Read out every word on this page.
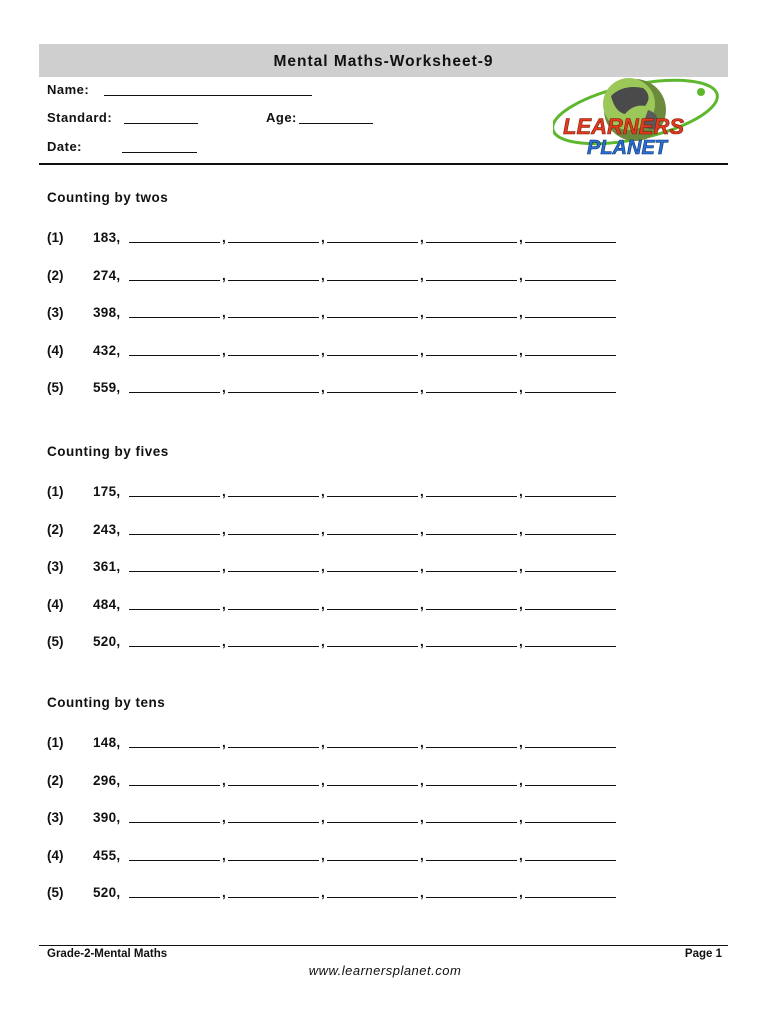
Mental Maths-Worksheet-9
Name:
Standard:	Age:
Date:
LEARNERS
PLANET
Counting by twos
(1) 183,	,	,	,	,
(2) 274,	,	,	,	,
(3) 398,	,	,	,	,
(4) 432,	,	,	,	,
(5) 559,	,	,	,	,
Counting by fives
(1) 175,	,	,	,	,
(2) 243,	,	,	,	,
(3) 361,	,	,	,	,
(4) 484,	,	,	,	,
(5) 520,	,	,	,	,
Counting by tens
(1) 148,	,	,	,	,
(2) 296,	,	,	,	,
(3) 390,	,	,	,	,
(4) 455,	,	,	,	,
(5) 520,	,	,	,	,
Grade-2-Mental Maths	Page 1
www.learnersplanet.com
